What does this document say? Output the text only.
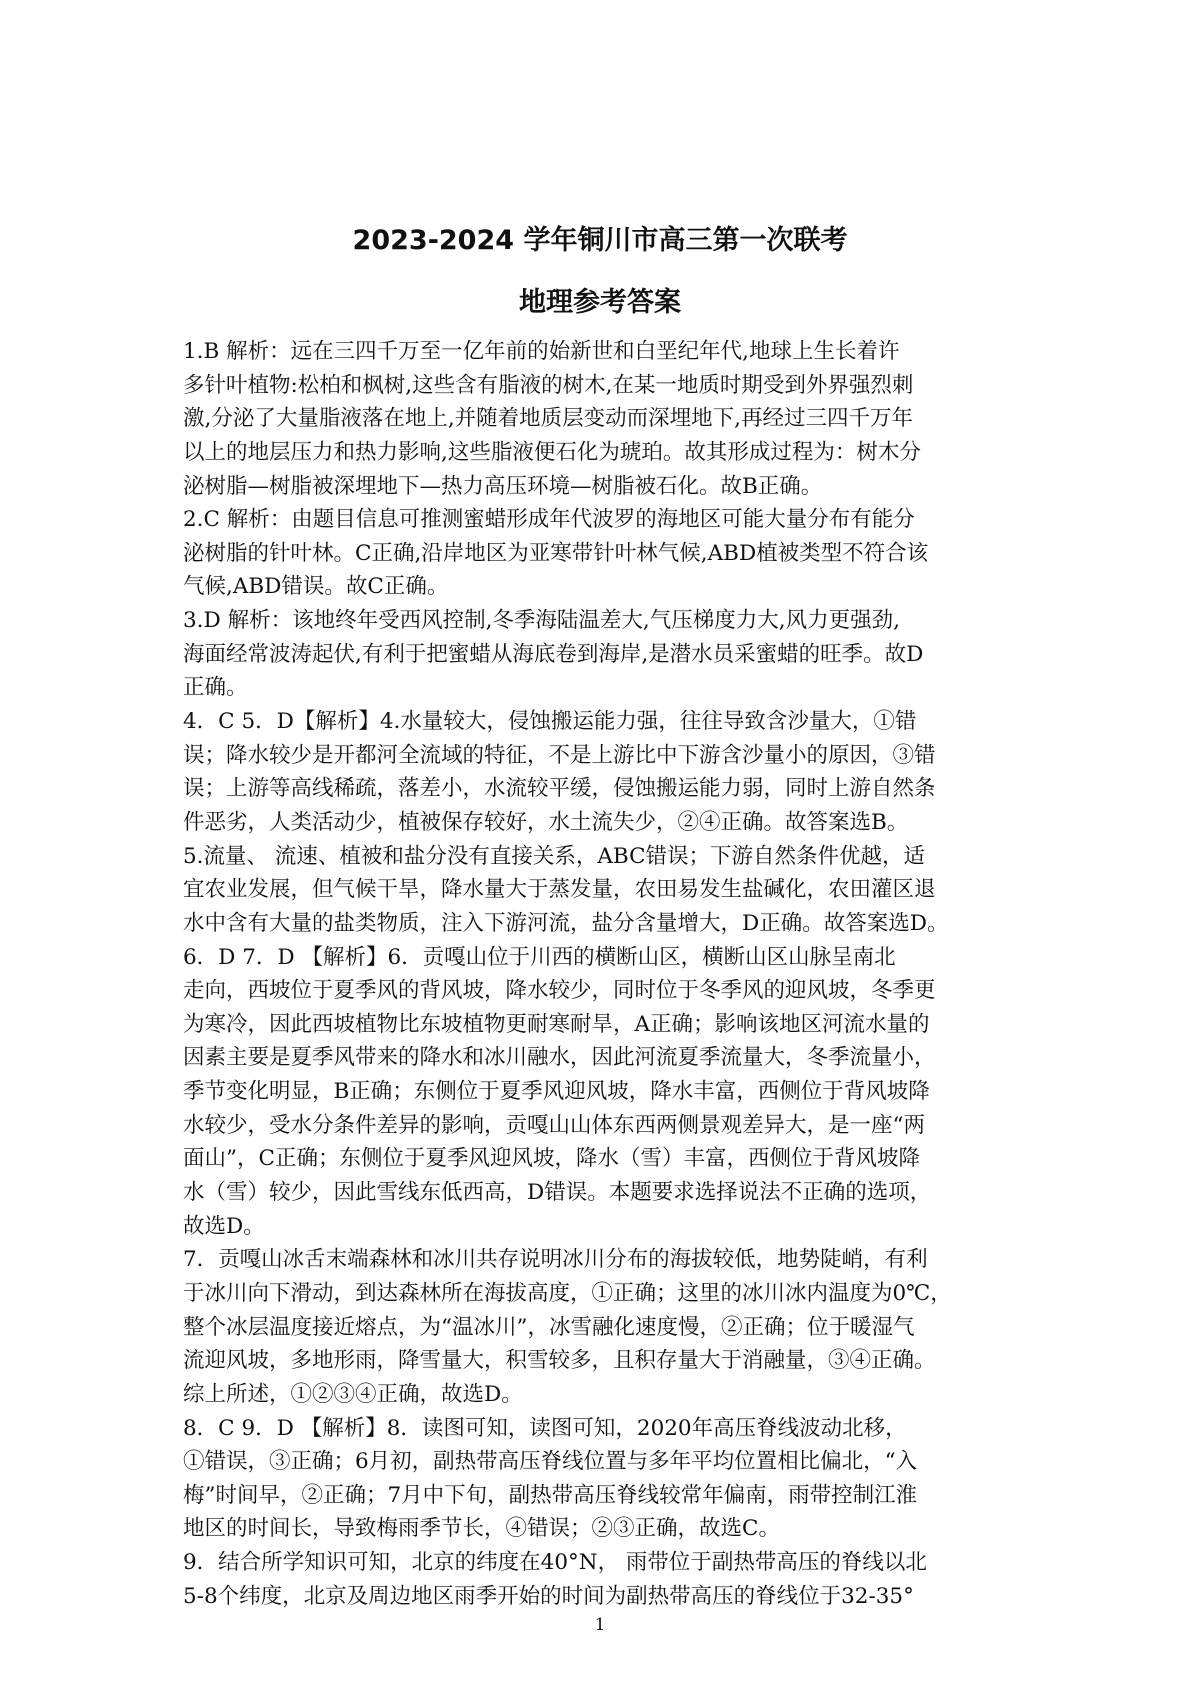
2023-2024 学年铜川市高三第一次联考
地理参考答案
1.B 解析：远在三四千万至一亿年前的始新世和白垩纪年代,地球上生长着许
多针叶植物:松柏和枫树,这些含有脂液的树木,在某一地质时期受到外界强烈刺
激,分泌了大量脂液落在地上,并随着地质层变动而深埋地下,再经过三四千万年
以上的地层压力和热力影响,这些脂液便石化为琥珀。故其形成过程为：树木分
泌树脂—树脂被深埋地下—热力高压环境—树脂被石化。故B正确。
2.C 解析：由题目信息可推测蜜蜡形成年代波罗的海地区可能大量分布有能分
泌树脂的针叶林。C正确,沿岸地区为亚寒带针叶林气候,ABD植被类型不符合该
气候,ABD错误。故C正确。
3.D 解析：该地终年受西风控制,冬季海陆温差大,气压梯度力大,风力更强劲,
海面经常波涛起伏,有利于把蜜蜡从海底卷到海岸,是潜水员采蜜蜡的旺季。故D
正确。
4．C 5．D【解析】4.水量较大，侵蚀搬运能力强，往往导致含沙量大，①错
误；降水较少是开都河全流域的特征，不是上游比中下游含沙量小的原因，③错
误；上游等高线稀疏，落差小，水流较平缓，侵蚀搬运能力弱，同时上游自然条
件恶劣，人类活动少，植被保存较好，水土流失少，②④正确。故答案选B。
5.流量、 流速、植被和盐分没有直接关系，ABC错误；下游自然条件优越，适
宜农业发展，但气候干旱，降水量大于蒸发量，农田易发生盐碱化，农田灌区退
水中含有大量的盐类物质，注入下游河流，盐分含量增大，D正确。故答案选D。
6．D 7．D 【解析】6．贡嘎山位于川西的横断山区，横断山区山脉呈南北
走向，西坡位于夏季风的背风坡，降水较少，同时位于冬季风的迎风坡，冬季更
为寒冷，因此西坡植物比东坡植物更耐寒耐旱，A正确；影响该地区河流水量的
因素主要是夏季风带来的降水和冰川融水，因此河流夏季流量大，冬季流量小，
季节变化明显，B正确；东侧位于夏季风迎风坡，降水丰富，西侧位于背风坡降
水较少，受水分条件差异的影响，贡嘎山山体东西两侧景观差异大，是一座“两
面山”，C正确；东侧位于夏季风迎风坡，降水（雪）丰富，西侧位于背风坡降
水（雪）较少，因此雪线东低西高，D错误。本题要求选择说法不正确的选项，
故选D。
7．贡嘎山冰舌末端森林和冰川共存说明冰川分布的海拔较低，地势陡峭，有利
于冰川向下滑动，到达森林所在海拔高度，①正确；这里的冰川冰内温度为0℃，
整个冰层温度接近熔点，为“温冰川”，冰雪融化速度慢，②正确；位于暖湿气
流迎风坡，多地形雨，降雪量大，积雪较多，且积存量大于消融量，③④正确。
综上所述，①②③④正确，故选D。
8．C 9．D 【解析】8．读图可知，读图可知，2020年高压脊线波动北移，
①错误，③正确；6月初，副热带高压脊线位置与多年平均位置相比偏北，“入
梅”时间早，②正确；7月中下旬，副热带高压脊线较常年偏南，雨带控制江淮
地区的时间长，导致梅雨季节长，④错误；②③正确，故选C。
9．结合所学知识可知，北京的纬度在40°N， 雨带位于副热带高压的脊线以北
5-8个纬度，北京及周边地区雨季开始的时间为副热带高压的脊线位于32-35°
1
